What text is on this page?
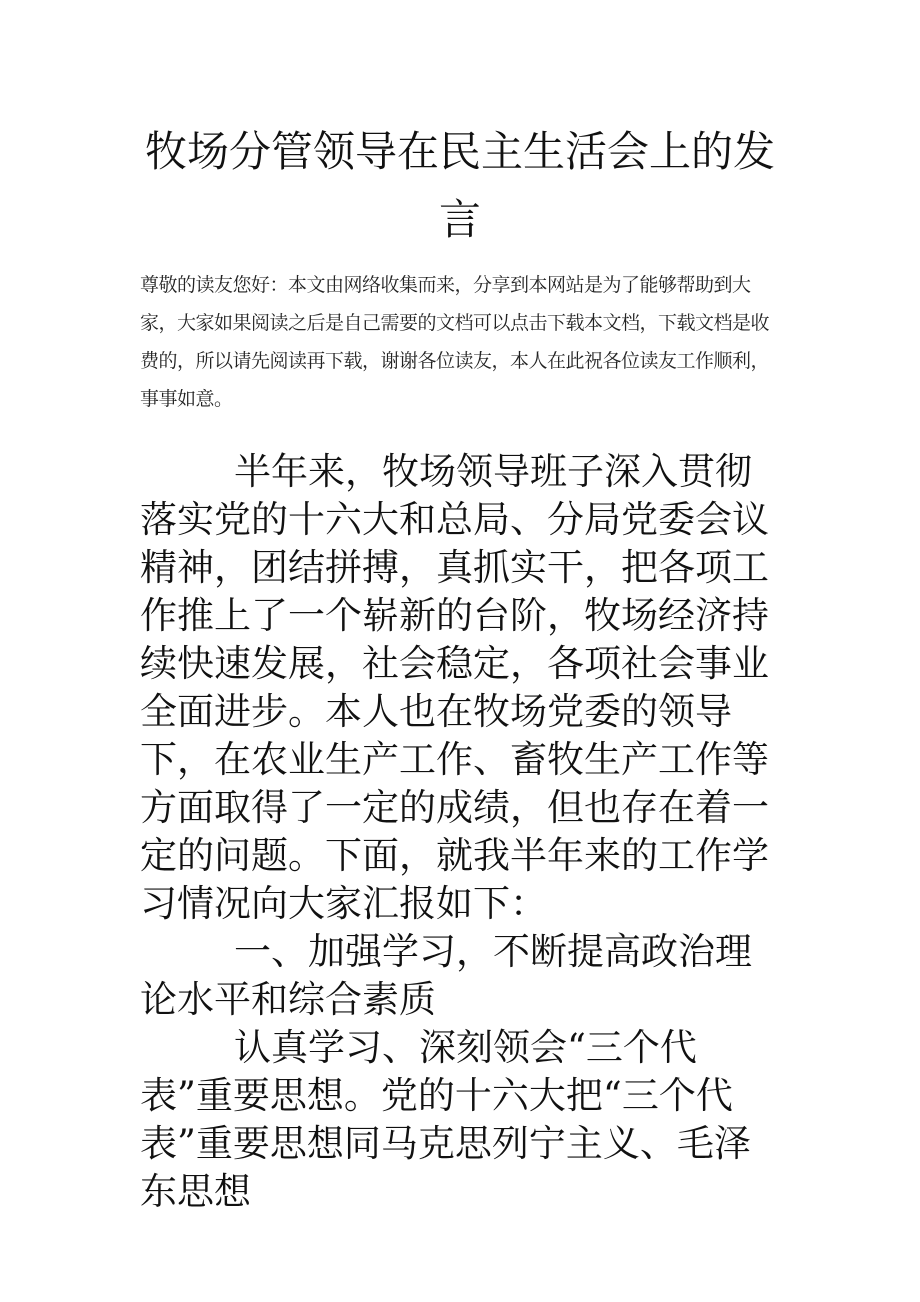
牧场分管领导在民主生活会上的发言
尊敬的读友您好：本文由网络收集而来，分享到本网站是为了能够帮助到大家，大家如果阅读之后是自己需要的文档可以点击下载本文档，下载文档是收费的，所以请先阅读再下载，谢谢各位读友，本人在此祝各位读友工作顺利，事事如意。

半年来，牧场领导班子深入贯彻落实党的十六大和总局、分局党委会议精神，团结拼搏，真抓实干，把各项工作推上了一个崭新的台阶，牧场经济持续快速发展，社会稳定，各项社会事业全面进步。本人也在牧场党委的领导下，在农业生产工作、畜牧生产工作等方面取得了一定的成绩，但也存在着一定的问题。下面，就我半年来的工作学习情况向大家汇报如下：

一、加强学习，不断提高政治理论水平和综合素质

认真学习、深刻领会“三个代表”重要思想。党的十六大把“三个代表”重要思想同马克思列宁主义、毛泽东思想
